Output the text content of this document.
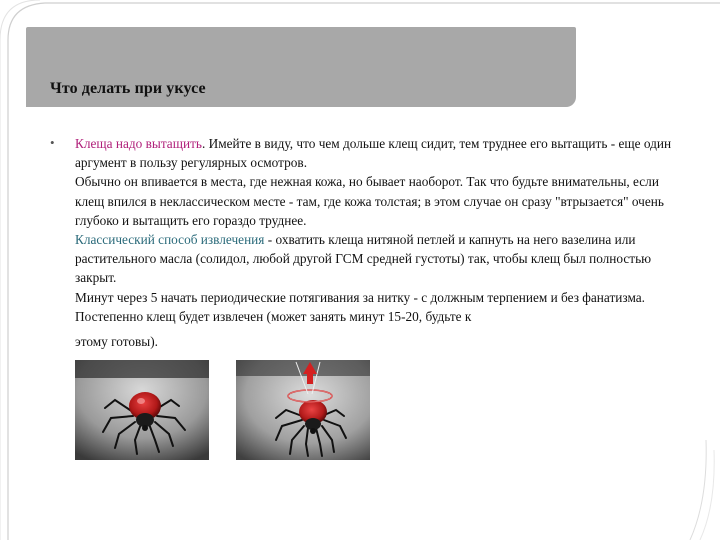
Что делать при укусе
• Клеща надо вытащить. Имейте в виду, что чем дольше клещ сидит, тем труднее его вытащить - еще один аргумент в пользу регулярных осмотров.

Обычно он впивается в места, где нежная кожа, но бывает наоборот. Так что будьте внимательны, если клещ впился в неклассическом месте - там, где кожа толстая; в этом случае он сразу "втрызается" очень глубоко и вытащить его гораздо труднее.

Классический способ извлечения - охватить клеща нитяной петлей и капнуть на него вазелина или растительного масла (солидол, любой другой ГСМ средней густоты) так, чтобы клещ был полностью закрыт.

Минут через 5 начать периодические потягивания за нитку - с должным терпением и без фанатизма. Постепенно клещ будет извлечен (может занять минут 15-20, будьте к

этому готовы).
